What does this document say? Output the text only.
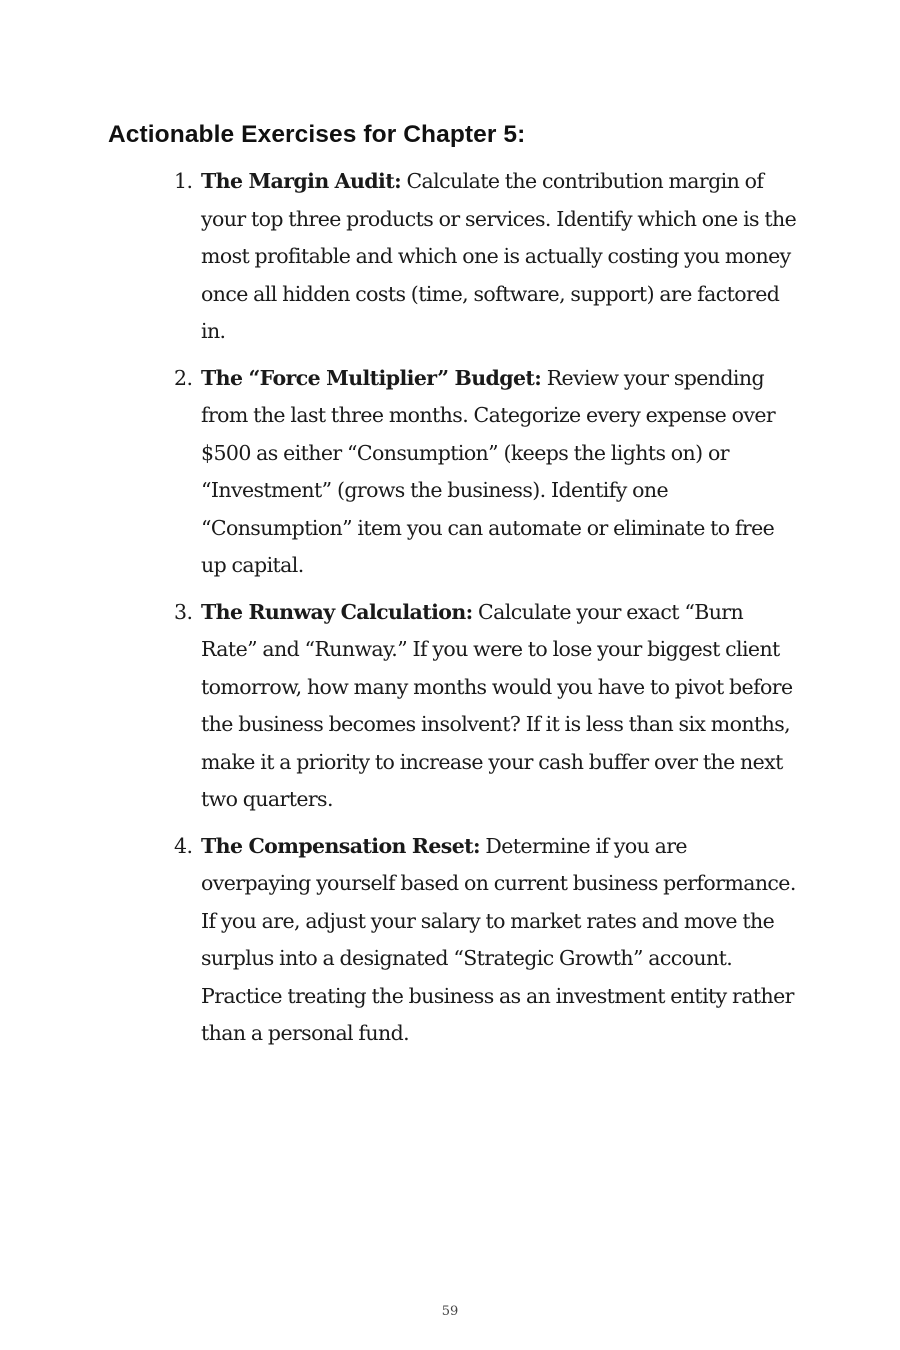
Actionable Exercises for Chapter 5:
1. The Margin Audit: Calculate the contribution margin of your top three products or services. Identify which one is the most profitable and which one is actually costing you money once all hidden costs (time, software, support) are factored in.
2. The “Force Multiplier” Budget: Review your spending from the last three months. Categorize every expense over $500 as either “Consumption” (keeps the lights on) or “Investment” (grows the business). Identify one “Consumption” item you can automate or eliminate to free up capital.
3. The Runway Calculation: Calculate your exact “Burn Rate” and “Runway.” If you were to lose your biggest client tomorrow, how many months would you have to pivot before the business becomes insolvent? If it is less than six months, make it a priority to increase your cash buffer over the next two quarters.
4. The Compensation Reset: Determine if you are overpaying yourself based on current business performance. If you are, adjust your salary to market rates and move the surplus into a designated “Strategic Growth” account. Practice treating the business as an investment entity rather than a personal fund.
59
